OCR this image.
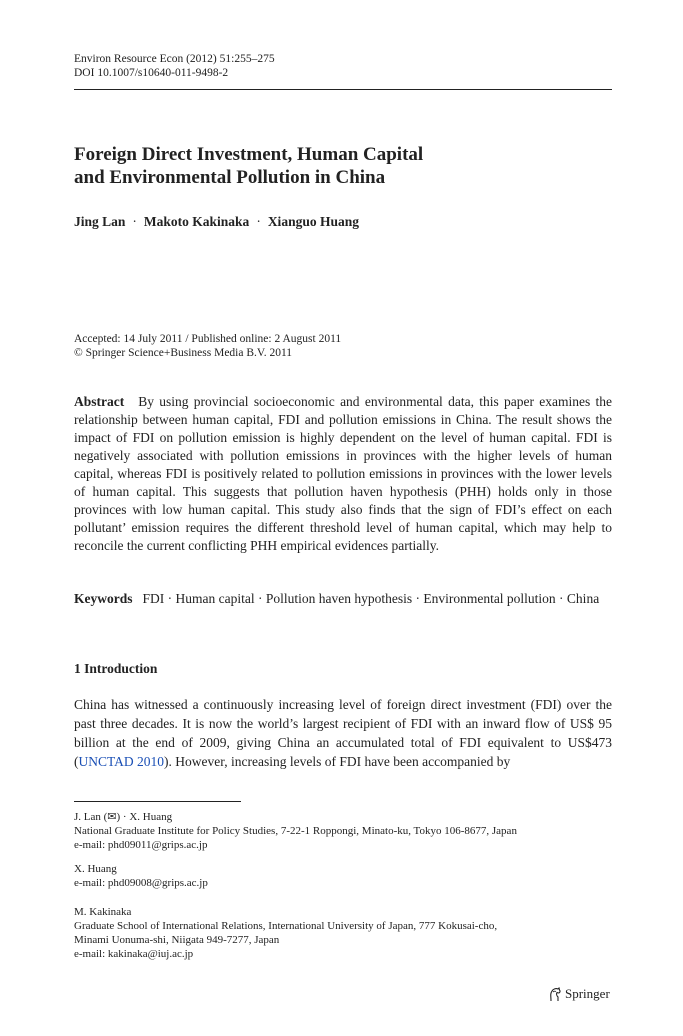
Environ Resource Econ (2012) 51:255–275
DOI 10.1007/s10640-011-9498-2
Foreign Direct Investment, Human Capital
and Environmental Pollution in China
Jing Lan · Makoto Kakinaka · Xianguo Huang
Accepted: 14 July 2011 / Published online: 2 August 2011
© Springer Science+Business Media B.V. 2011
Abstract By using provincial socioeconomic and environmental data, this paper examines the relationship between human capital, FDI and pollution emissions in China. The result shows the impact of FDI on pollution emission is highly dependent on the level of human capital. FDI is negatively associated with pollution emissions in provinces with the higher levels of human capital, whereas FDI is positively related to pollution emissions in provinces with the lower levels of human capital. This suggests that pollution haven hypothesis (PHH) holds only in those provinces with low human capital. This study also finds that the sign of FDI’s effect on each pollutant’ emission requires the different threshold level of human capital, which may help to reconcile the current conflicting PHH empirical evidences partially.
Keywords FDI · Human capital · Pollution haven hypothesis · Environmental pollution · China
1 Introduction
China has witnessed a continuously increasing level of foreign direct investment (FDI) over the past three decades. It is now the world’s largest recipient of FDI with an inward flow of US$ 95 billion at the end of 2009, giving China an accumulated total of FDI equivalent to US$473 (UNCTAD 2010). However, increasing levels of FDI have been accompanied by
J. Lan (✉) · X. Huang
National Graduate Institute for Policy Studies, 7-22-1 Roppongi, Minato-ku, Tokyo 106-8677, Japan
e-mail: phd09011@grips.ac.jp
X. Huang
e-mail: phd09008@grips.ac.jp
M. Kakinaka
Graduate School of International Relations, International University of Japan, 777 Kokusai-cho,
Minami Uonuma-shi, Niigata 949-7277, Japan
e-mail: kakinaka@iuj.ac.jp
Springer
